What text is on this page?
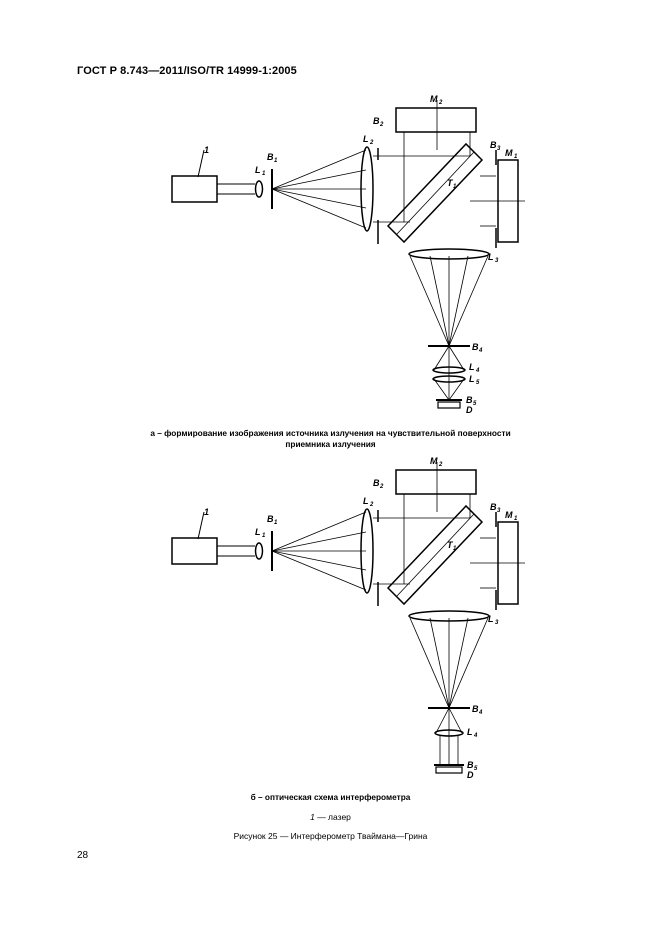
ГОСТ Р 8.743—2011/ISO/TR 14999-1:2005
1
L 1
B 1
L 2
B 2
M 2
B 3 M 1
T 1
L 3
B 4
L 4
L 5
B 5
D
а – формирование изображения источника излучения на чувствительной поверхности
приемника излучения
1
L 1
B 1
L 2
B 2
M 2
B 3 M 1
T 1
L 3
B 4
L 4
B 5
D
б – оптическая схема интерферометра
1 — лазер
Рисунок 25 — Интерферометр Тваймана—Грина
28
